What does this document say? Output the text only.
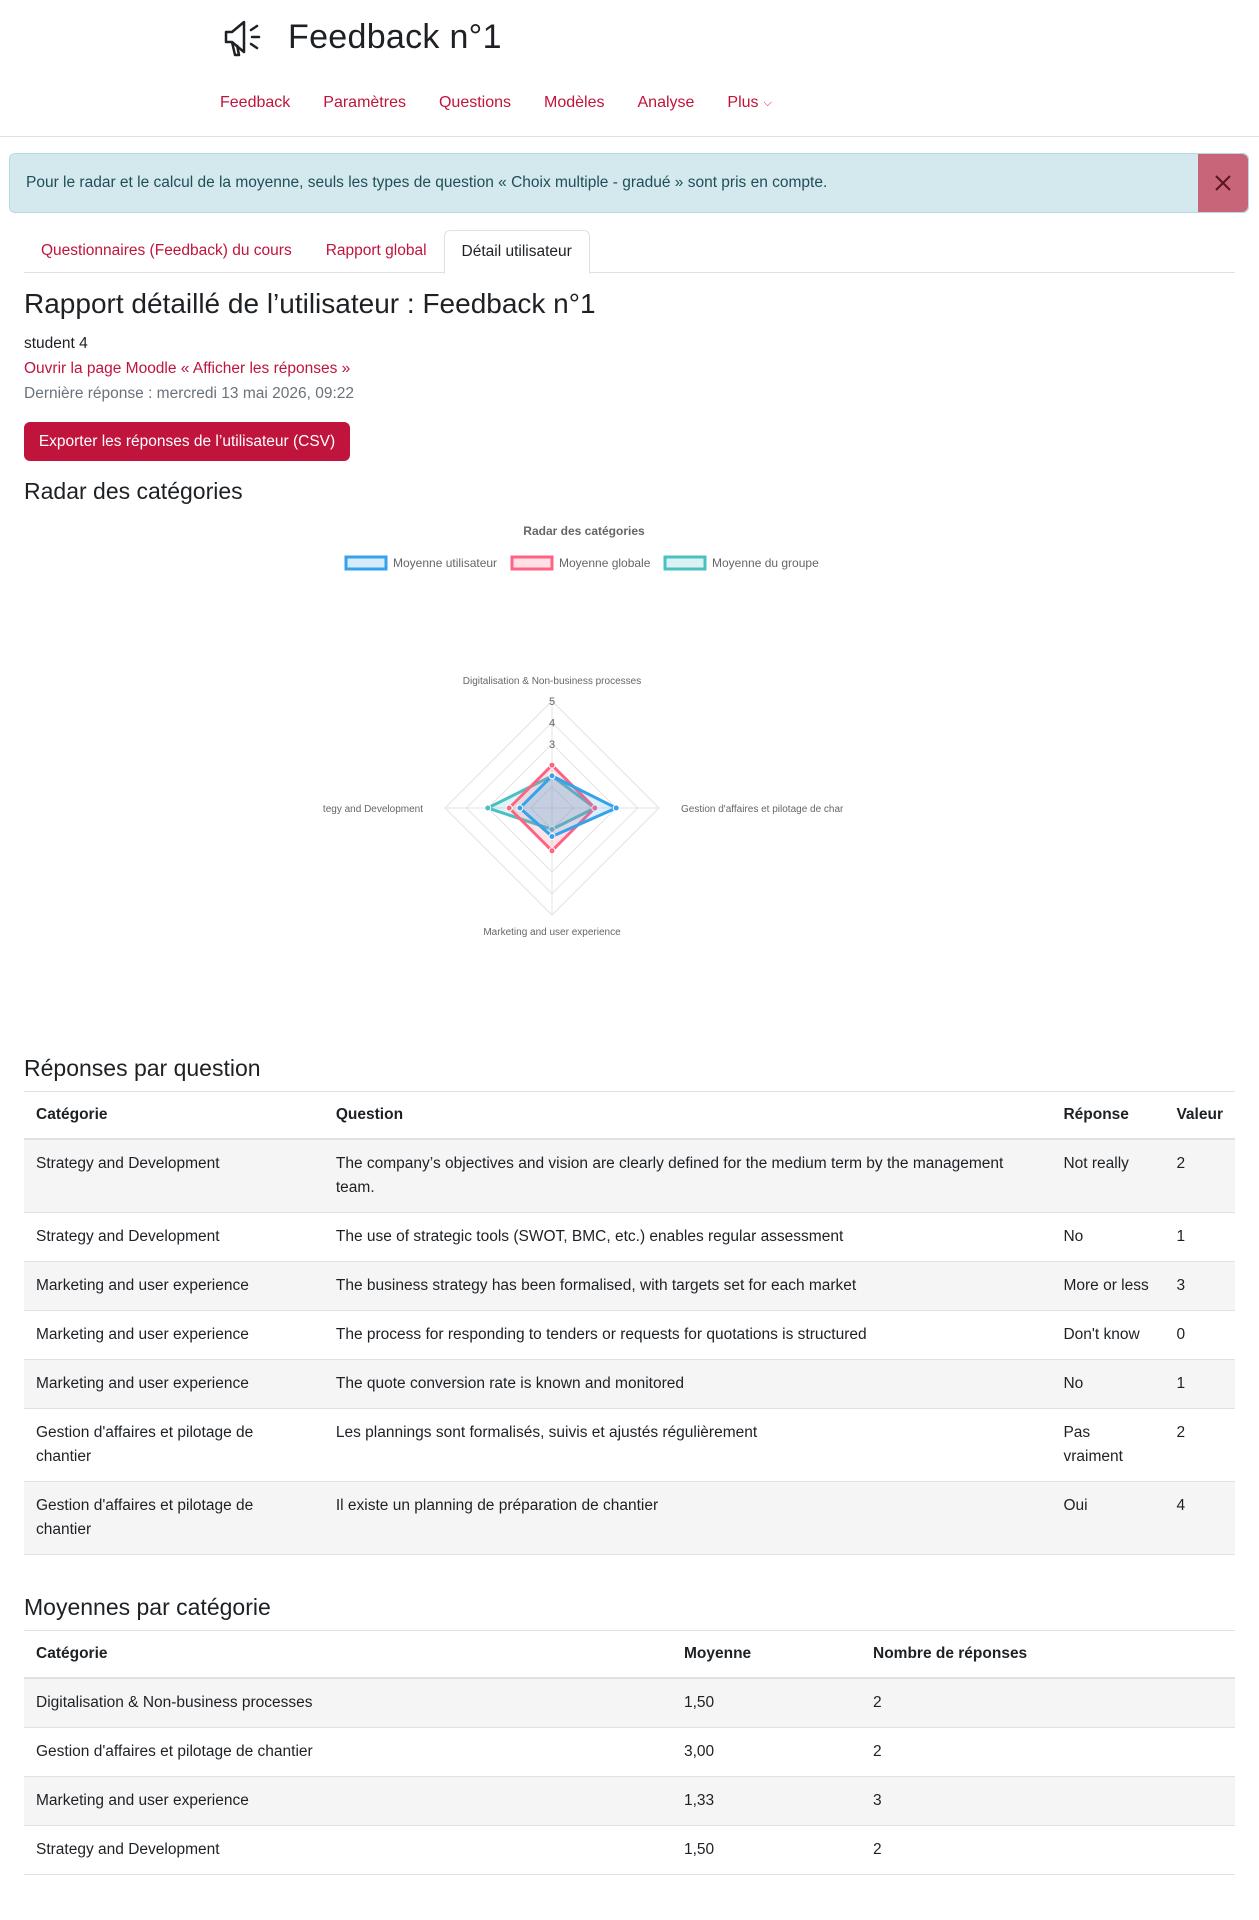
Feedback n°1
Feedback Paramètres Questions Modèles Analyse Plus ⌵
Pour le radar et le calcul de la moyenne, seuls les types de question « Choix multiple - gradué » sont pris en compte.
Questionnaires (Feedback) du cours	Rapport global	Détail utilisateur
Rapport détaillé de l’utilisateur : Feedback n°1
student 4
Ouvrir la page Moodle « Afficher les réponses »
Dernière réponse : mercredi 13 mai 2026, 09:22
Exporter les réponses de l’utilisateur (CSV)
Radar des catégories
Radar des catégories
Moyenne utilisateur	Moyenne globale	Moyenne du groupe
5
4
3
Digitalisation & Non-business processes
Gestion d'affaires et pilotage de char
Marketing and user experience
tegy and Development
Réponses par question
Catégorie	Question	Réponse	Valeur
Strategy and Development	The company’s objectives and vision are clearly defined for the medium term by the management team.	Not really	2
Strategy and Development	The use of strategic tools (SWOT, BMC, etc.) enables regular assessment	No	1
Marketing and user experience	The business strategy has been formalised, with targets set for each market	More or less	3
Marketing and user experience	The process for responding to tenders or requests for quotations is structured	Don't know	0
Marketing and user experience	The quote conversion rate is known and monitored	No	1
Gestion d'affaires et pilotage de chantier	Les plannings sont formalisés, suivis et ajustés régulièrement	Pas vraiment	2
Gestion d'affaires et pilotage de chantier	Il existe un planning de préparation de chantier	Oui	4
Moyennes par catégorie
Catégorie	Moyenne	Nombre de réponses
Digitalisation & Non-business processes	1,50	2
Gestion d'affaires et pilotage de chantier	3,00	2
Marketing and user experience	1,33	3
Strategy and Development	1,50	2
